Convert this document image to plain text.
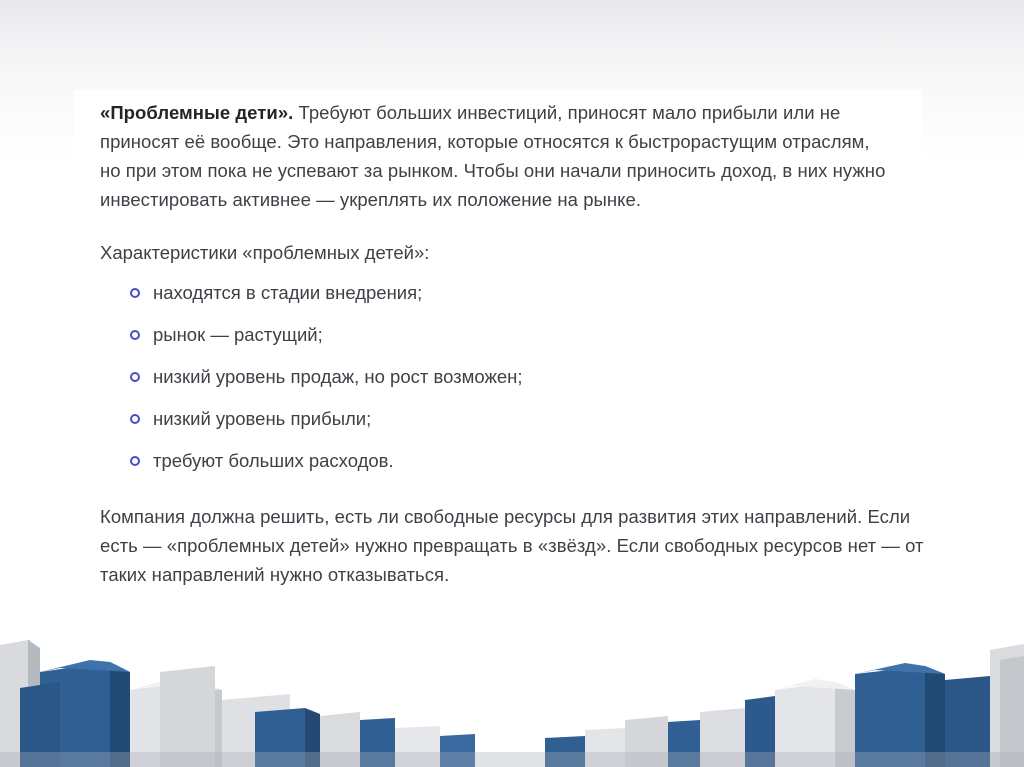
«Проблемные дети». Требуют больших инвестиций, приносят мало прибыли или не приносят её вообще. Это направления, которые относятся к быстрорастущим отраслям, но при этом пока не успевают за рынком. Чтобы они начали приносить доход, в них нужно инвестировать активнее — укреплять их положение на рынке.

Характеристики «проблемных детей»:

находятся в стадии внедрения;
рынок — растущий;
низкий уровень продаж, но рост возможен;
низкий уровень прибыли;
требуют больших расходов.

Компания должна решить, есть ли свободные ресурсы для развития этих направлений. Если есть — «проблемных детей» нужно превращать в «звёзд». Если свободных ресурсов нет — от таких направлений нужно отказываться.
